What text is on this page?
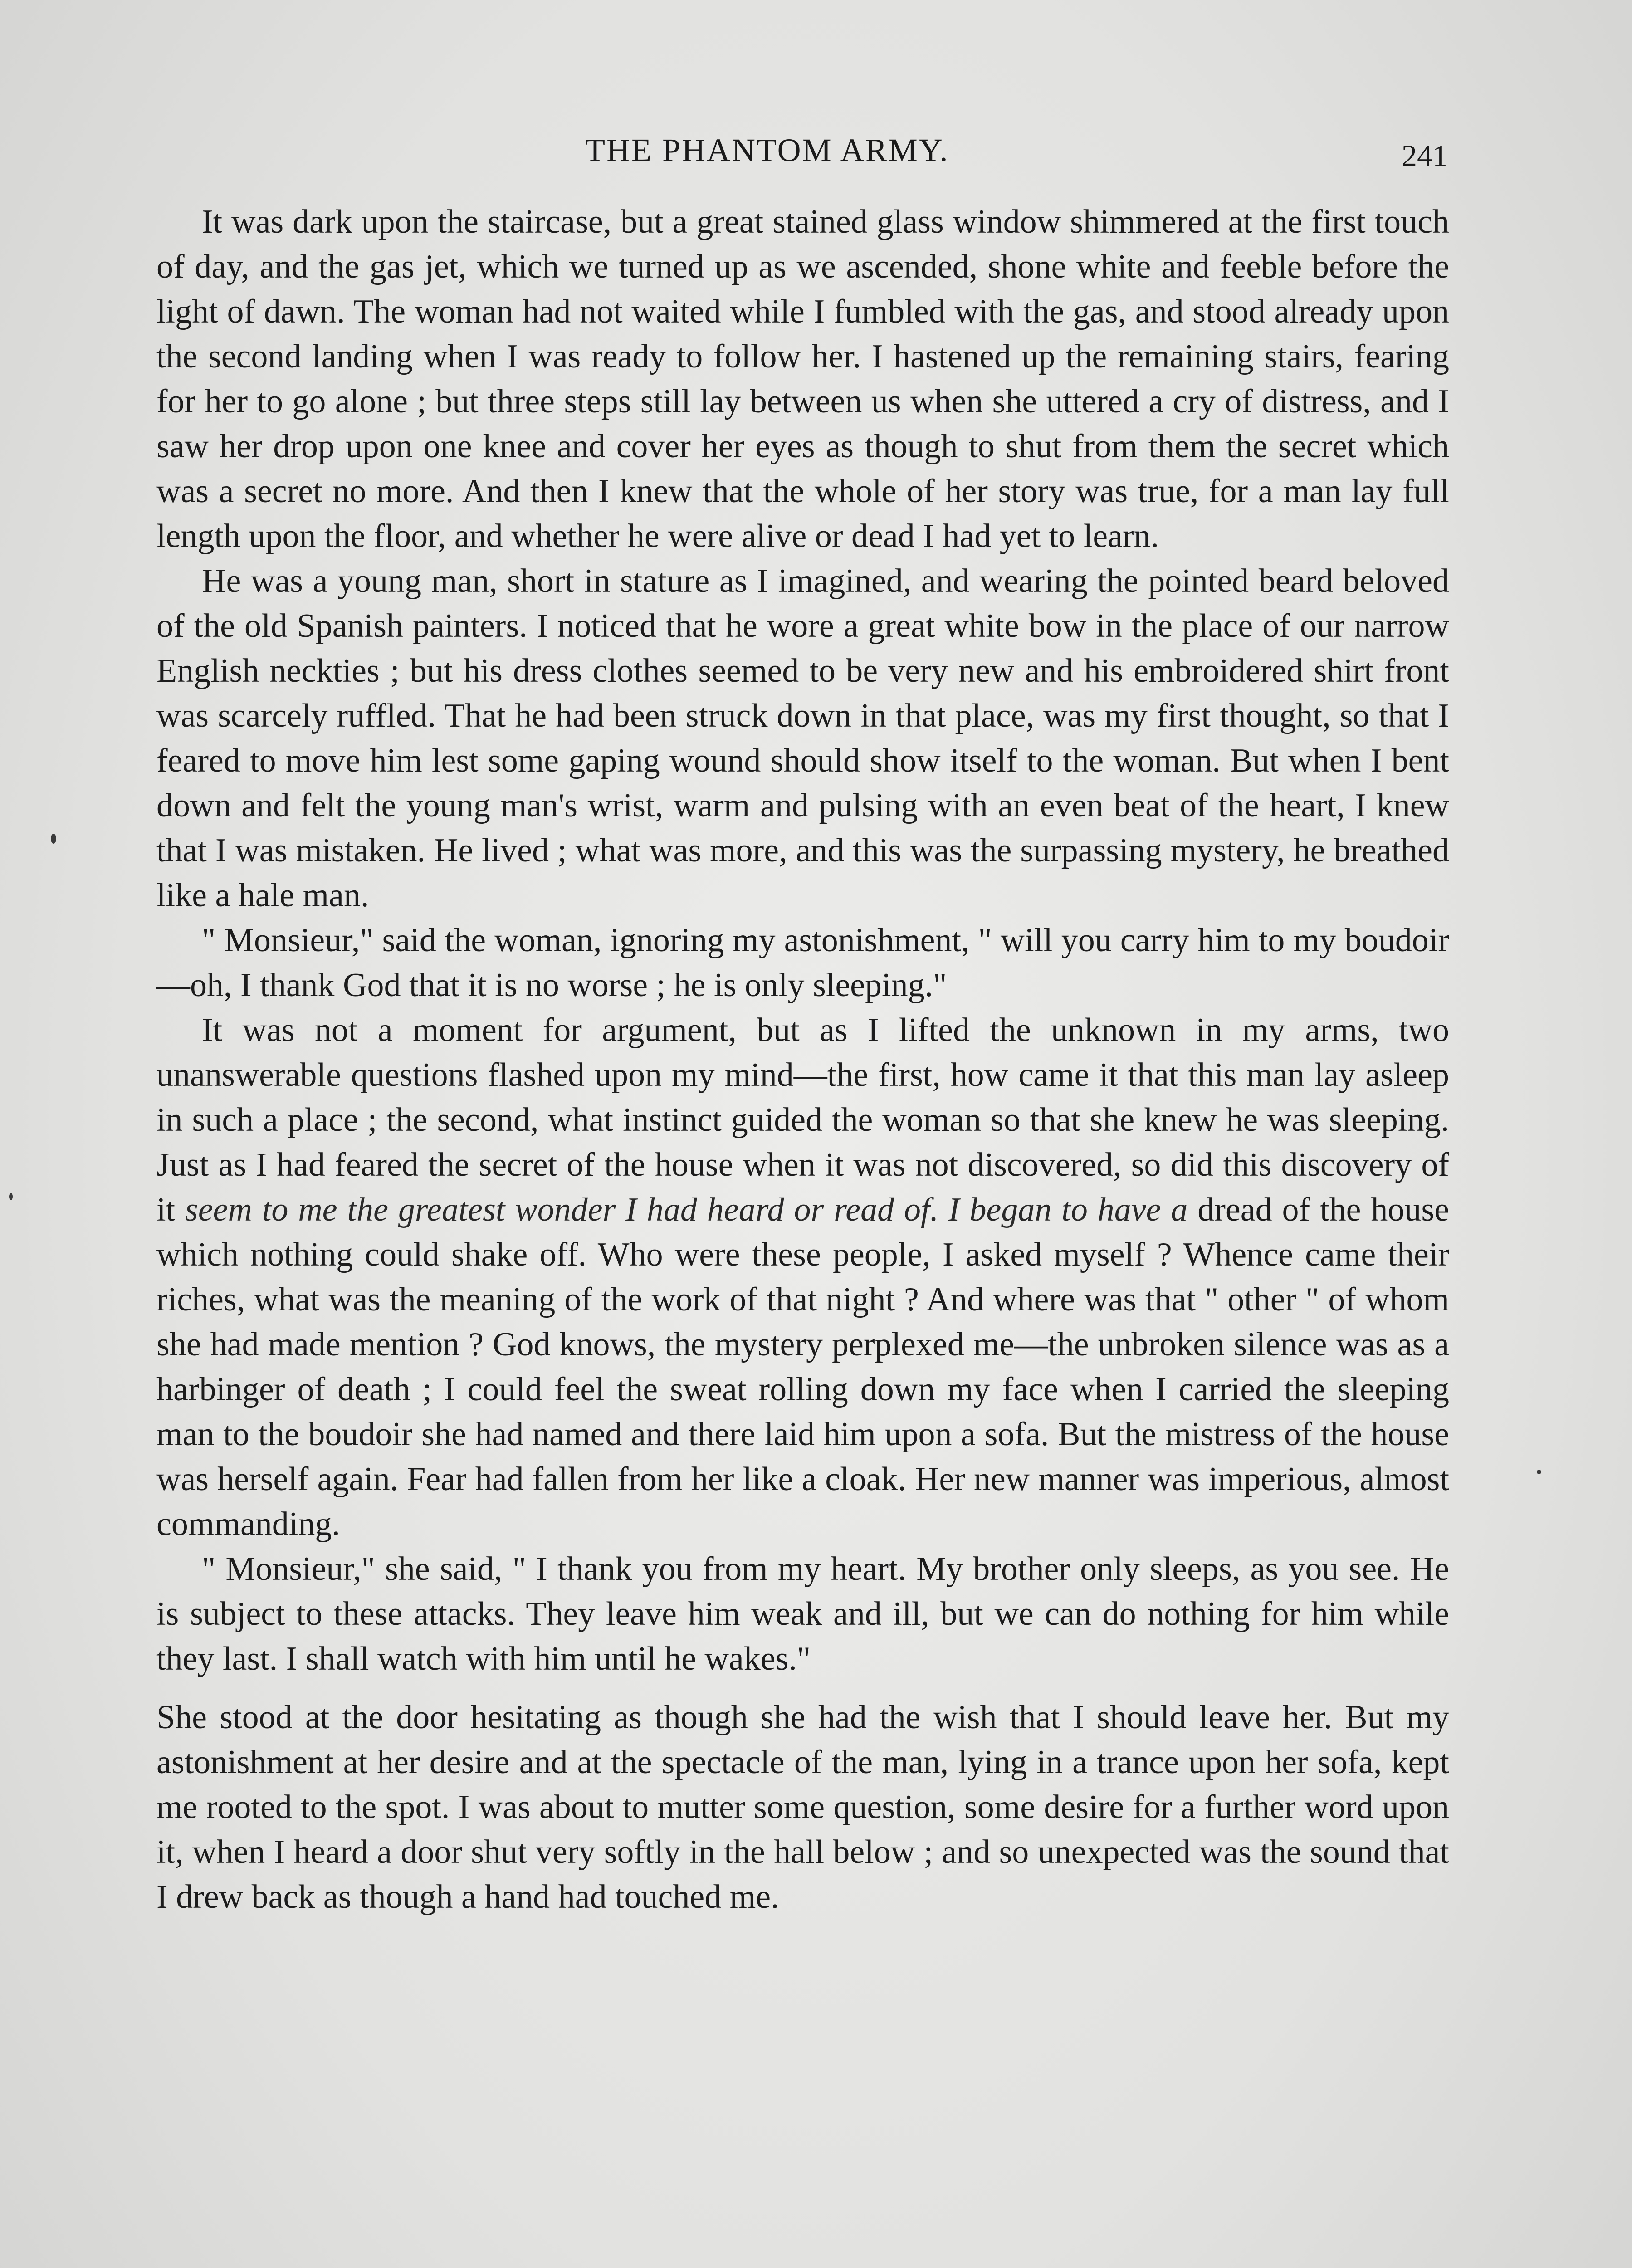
THE PHANTOM ARMY.	241

It was dark upon the staircase, but a great stained glass window shimmered at the first touch of day, and the gas jet, which we turned up as we ascended, shone white and feeble before the light of dawn. The woman had not waited while I fumbled with the gas, and stood already upon the second landing when I was ready to follow her. I hastened up the remaining stairs, fearing for her to go alone ; but three steps still lay between us when she uttered a cry of distress, and I saw her drop upon one knee and cover her eyes as though to shut from them the secret which was a secret no more. And then I knew that the whole of her story was true, for a man lay full length upon the floor, and whether he were alive or dead I had yet to learn.

He was a young man, short in stature as I imagined, and wearing the pointed beard beloved of the old Spanish painters. I noticed that he wore a great white bow in the place of our narrow English neckties ; but his dress clothes seemed to be very new and his embroidered shirt front was scarcely ruffled. That he had been struck down in that place, was my first thought, so that I feared to move him lest some gaping wound should show itself to the woman. But when I bent down and felt the young man's wrist, warm and pulsing with an even beat of the heart, I knew that I was mistaken. He lived ; what was more, and this was the surpassing mystery, he breathed like a hale man.

" Monsieur," said the woman, ignoring my astonishment, " will you carry him to my boudoir—oh, I thank God that it is no worse ; he is only sleeping."

It was not a moment for argument, but as I lifted the unknown in my arms, two unanswerable questions flashed upon my mind—the first, how came it that this man lay asleep in such a place ; the second, what instinct guided the woman so that she knew he was sleeping. Just as I had feared the secret of the house when it was not discovered, so did this discovery of it seem to me the greatest wonder I had heard or read of. I began to have a dread of the house which nothing could shake off. Who were these people, I asked myself ? Whence came their riches, what was the meaning of the work of that night ? And where was that " other " of whom she had made mention ? God knows, the mystery perplexed me—the unbroken silence was as a harbinger of death ; I could feel the sweat rolling down my face when I carried the sleeping man to the boudoir she had named and there laid him upon a sofa. But the mistress of the house was herself again. Fear had fallen from her like a cloak. Her new manner was imperious, almost commanding.

" Monsieur," she said, " I thank you from my heart. My brother only sleeps, as you see. He is subject to these attacks. They leave him weak and ill, but we can do nothing for him while they last. I shall watch with him until he wakes."

She stood at the door hesitating as though she had the wish that I should leave her. But my astonishment at her desire and at the spectacle of the man, lying in a trance upon her sofa, kept me rooted to the spot. I was about to mutter some question, some desire for a further word upon it, when I heard a door shut very softly in the hall below ; and so unexpected was the sound that I drew back as though a hand had touched me.
